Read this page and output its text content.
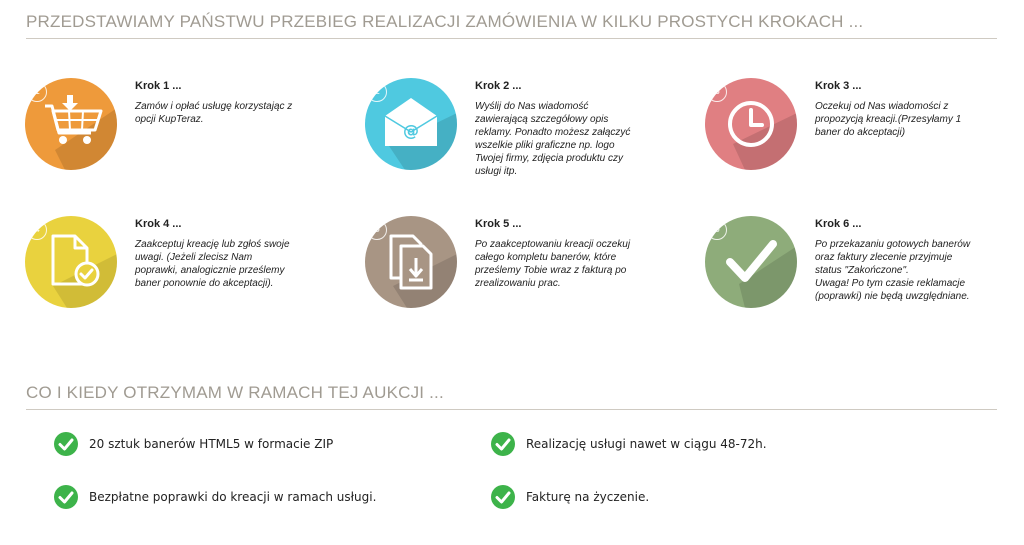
PRZEDSTAWIAMY PAŃSTWU PRZEBIEG REALIZACJI ZAMÓWIENIA W KILKU PROSTYCH KROKACH ...
1	Krok 1 ...
Zamów i opłać usługę korzystając z
opcji KupTeraz.
2
@
Krok 2 ...
Wyślij do Nas wiadomość
zawierającą szczegółowy opis
reklamy. Ponadto możesz załączyć
wszelkie pliki graficzne np. logo
Twojej firmy, zdjęcia produktu czy
usługi itp.
3	Krok 3 ...
Oczekuj od Nas wiadomości z
propozycją kreacji.(Przesyłamy 1
baner do akceptacji)
4	Krok 4 ...
Zaakceptuj kreację lub zgłoś swoje
uwagi. (Jeżeli zlecisz Nam
poprawki, analogicznie prześlemy
baner ponownie do akceptacji).
5	Krok 5 ...
Po zaakceptowaniu kreacji oczekuj
całego kompletu banerów, które
prześlemy Tobie wraz z fakturą po
zrealizowaniu prac.
6	Krok 6 ...
Po przekazaniu gotowych banerów
oraz faktury zlecenie przyjmuje
status "Zakończone".
Uwaga! Po tym czasie reklamacje
(poprawki) nie będą uwzględniane.
CO I KIEDY OTRZYMAM W RAMACH TEJ AUKCJI ...
20 sztuk banerów HTML5 w formacie ZIP	Realizację usługi nawet w ciągu 48-72h.
Bezpłatne poprawki do kreacji w ramach usługi.	Fakturę na życzenie.
